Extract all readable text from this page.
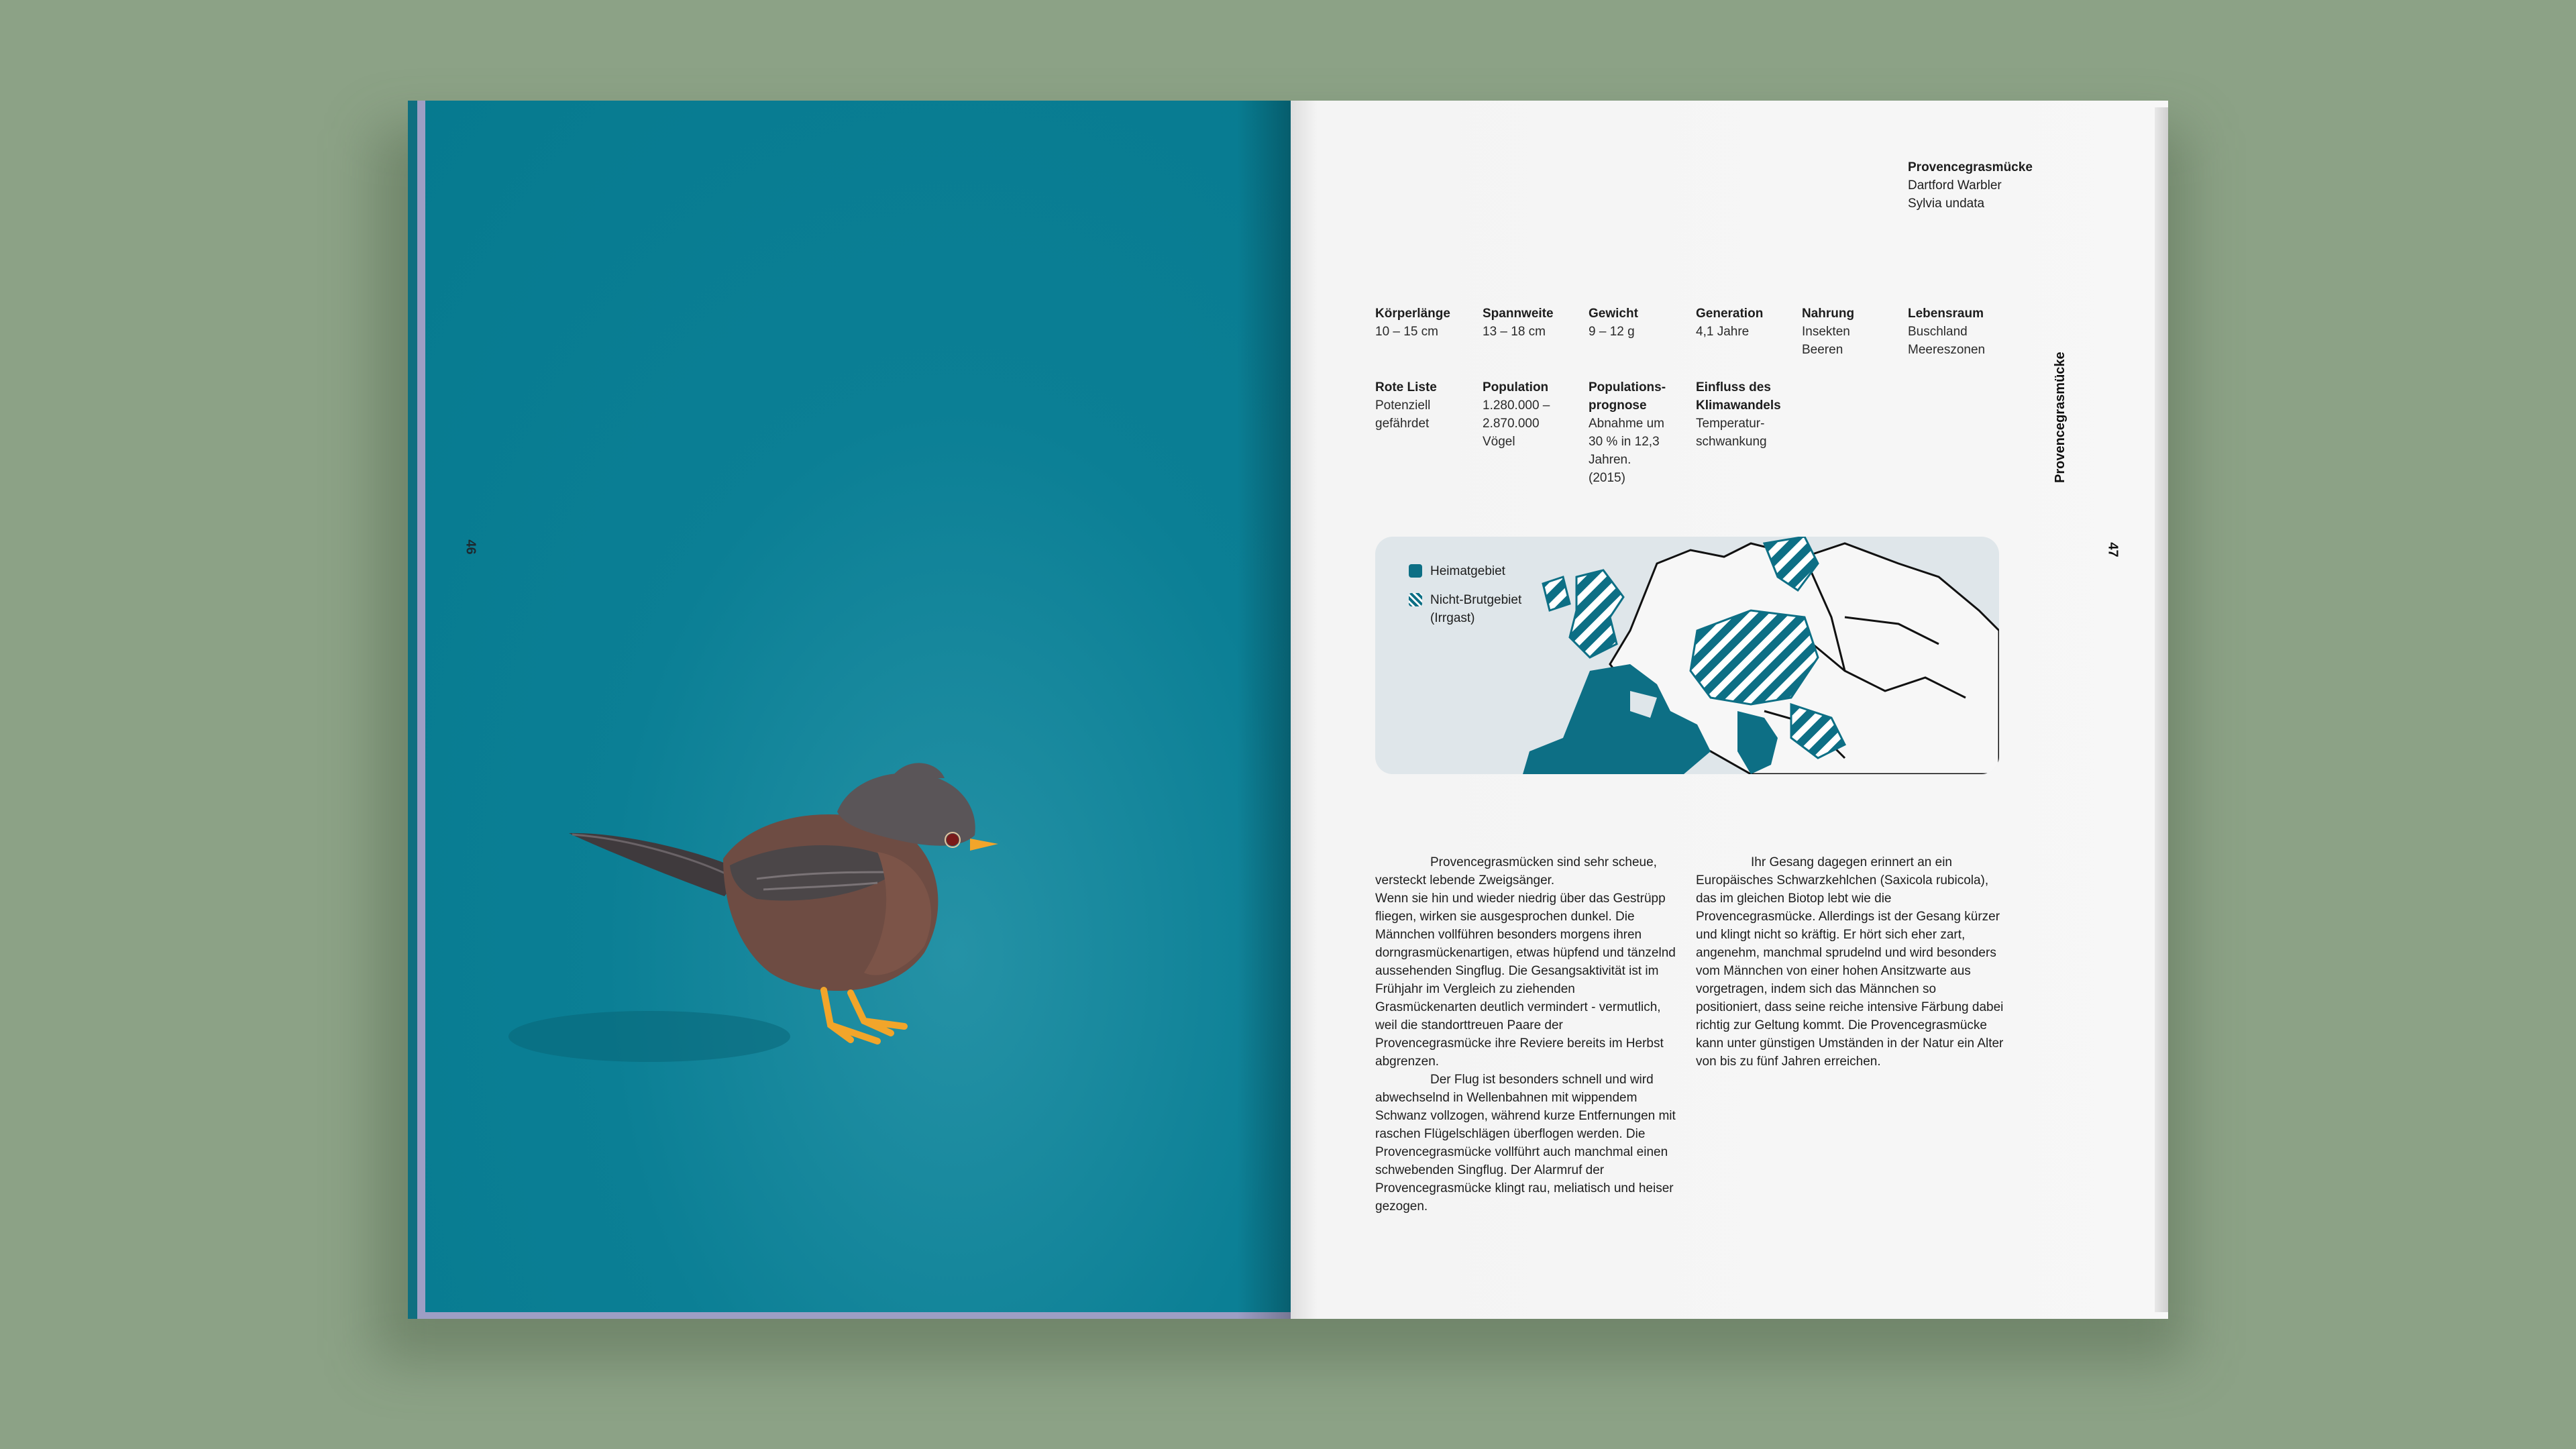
46
Provencegrasmücke
47
Provencegrasmücke
Dartford Warbler
Sylvia undata
Körperlänge
10 – 15 cm
Spannweite
13 – 18 cm
Gewicht
9 – 12 g
Generation
4,1 Jahre
Nahrung
Insekten
Beeren
Lebensraum
Buschland
Meereszonen
Rote Liste
Potenziell
gefährdet
Population
1.280.000 –
2.870.000
Vögel
Populations-
prognose
Abnahme um
30 % in 12,3
Jahren.
(2015)
Einfluss des
Klimawandels
Temperatur-
schwankung
Heimatgebiet
Nicht-Brutgebiet
(Irrgast)

Provencegrasmücken sind sehr scheue, versteckt lebende Zweigsänger.

Wenn sie hin und wieder niedrig über das Gestrüpp fliegen, wirken sie ausgesprochen dunkel. Die Männchen vollführen besonders morgens ihren dorngrasmückenartigen, etwas hüpfend und tänzelnd aussehenden Singflug. Die Gesangsaktivität ist im Frühjahr im Vergleich zu ziehenden Grasmückenarten deutlich vermindert - vermutlich, weil die standorttreuen Paare der Provencegrasmücke ihre Reviere bereits im Herbst abgrenzen.

Der Flug ist besonders schnell und wird abwechselnd in Wellenbahnen mit wippendem Schwanz vollzogen, während kurze Entfernungen mit raschen Flügelschlägen überflogen werden. Die Provencegrasmücke vollführt auch manchmal einen schwebenden Singflug. Der Alarmruf der Provencegrasmücke klingt rau, meliatisch und heiser gezogen.

Ihr Gesang dagegen erinnert an ein Europäisches Schwarzkehlchen (Saxicola rubicola), das im gleichen Biotop lebt wie die Provencegrasmücke. Allerdings ist der Gesang kürzer und klingt nicht so kräftig. Er hört sich eher zart, angenehm, manchmal sprudelnd und wird besonders vom Männchen von einer hohen Ansitzwarte aus vorgetragen, indem sich das Männchen so positioniert, dass seine reiche intensive Färbung dabei richtig zur Geltung kommt. Die Provencegrasmücke kann unter günstigen Umständen in der Natur ein Alter von bis zu fünf Jahren erreichen.
